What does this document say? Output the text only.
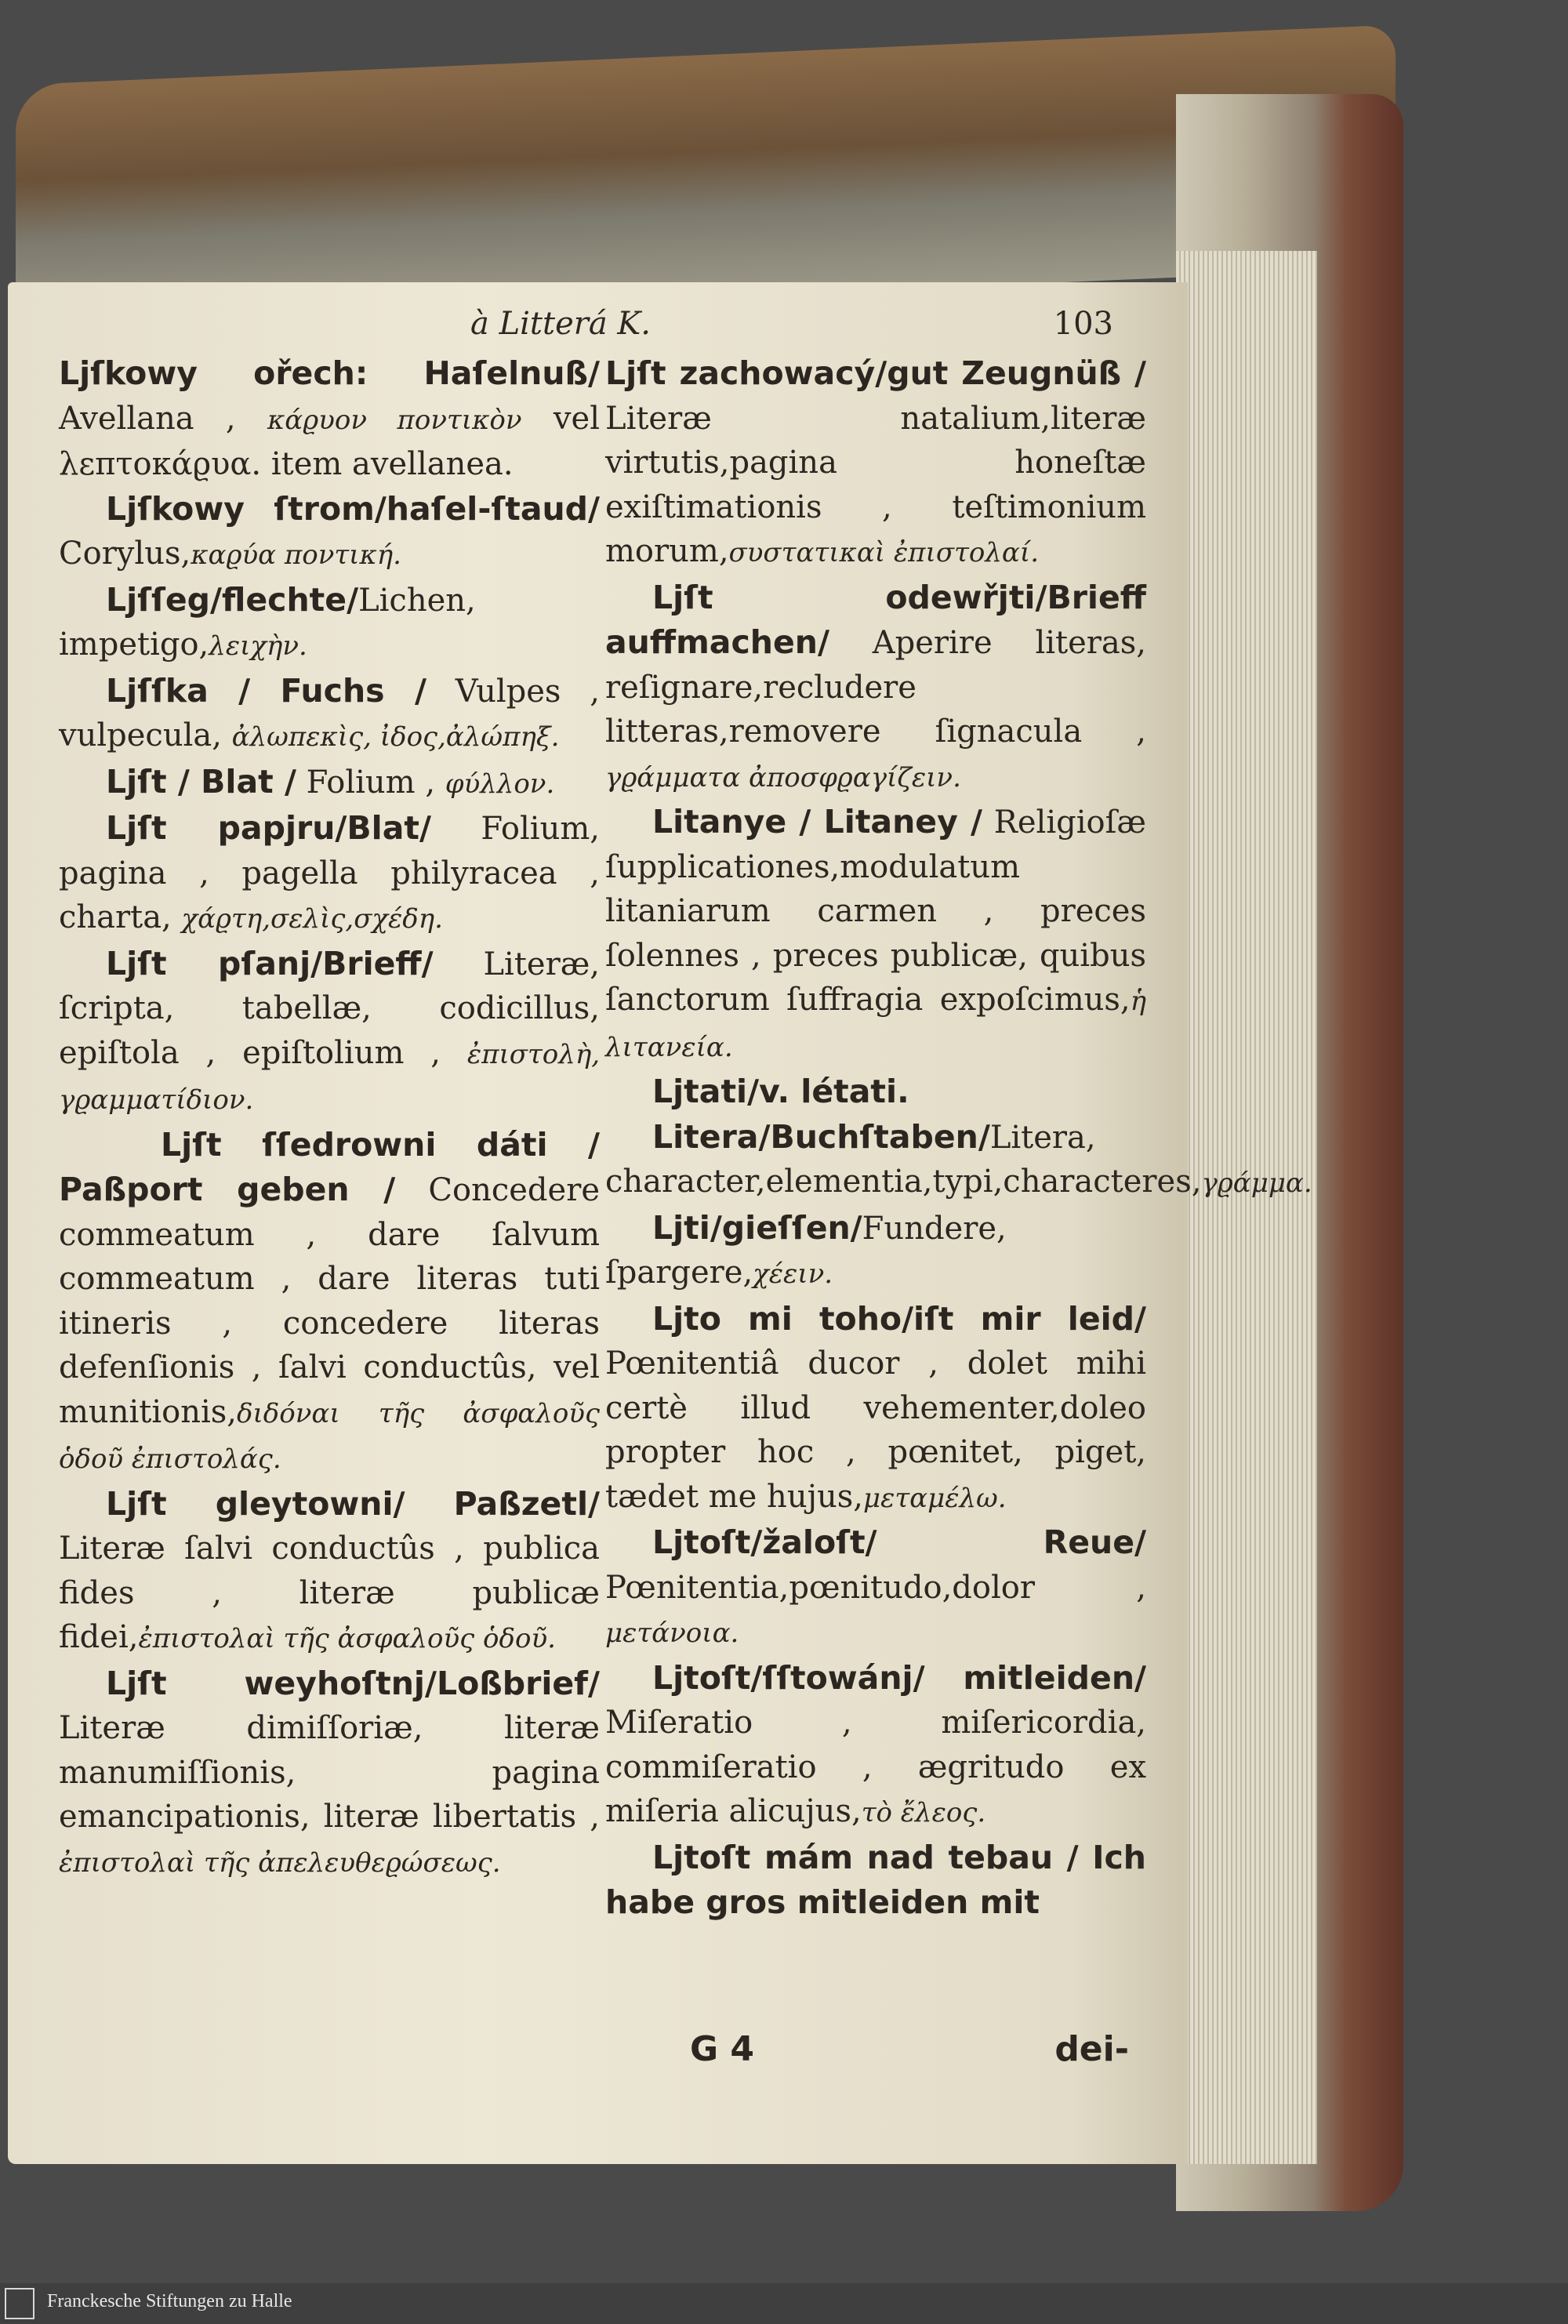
à Litterá K.	103

Ljſkowy ořech: Haſelnuß/ Avellana , κάϱυον ποντικὸν vel λεπτοκάϱυα. item avellanea.

Ljſkowy ſtrom/haſel-ſtaud/ Corylus,καϱύα ποντική.

Ljſſeg/flechte/Lichen, impetigo,λειχὴν.

Ljſſka / Fuchs / Vulpes , vulpecula, ἀλωπεκὶς, ἰδος,ἀλώπηξ.

Ljſt / Blat / Folium , φύλλον.

Ljſt papjru/Blat/ Folium, pagina , pagella philyracea , charta, χάϱτη,σελὶς,σχέδη.

Ljſt pſanj/Brieff/ Literæ, ſcripta, tabellæ, codicillus, epiſtola , epiſtolium , ἐπιστολὴ, γϱαμματίδιον.

Ljſt ſſedrowni dáti / Paßport geben / Concedere commeatum , dare ſalvum commeatum , dare literas tuti itineris , concedere literas defenſionis , ſalvi conductûs, vel munitionis,διδόναι τῆς ἀσφαλοῦς ὁδοῦ ἐπιστολάς.

Ljſt gleytowni/ Paßzetl/ Literæ ſalvi conductûs , publica fides , literæ publicæ fidei,ἐπιστολαὶ τῆς ἀσφαλοῦς ὁδοῦ.

Ljſt weyhoſtnj/Loßbrief/ Literæ dimiſſoriæ, literæ manumiſſionis, pagina emancipationis, literæ libertatis , ἐπιστολαὶ τῆς ἀπελευθεϱώσεως.

Ljſt zachowacý/gut Zeugnüß / Literæ natalium,literæ virtutis,pagina honeſtæ exiſtimationis , teſtimonium morum,συστατικαὶ ἐπιστολαί.

Ljſt odewřjti/Brieff auffmachen/ Aperire literas, reſignare,recludere litteras,removere ſignacula , γϱάμματα ἀποσφϱαγίζειν.

Litanye / Litaney / Religioſæ ſupplicationes,modulatum litaniarum carmen , preces ſolennes , preces publicæ, quibus ſanctorum ſuffragia expoſcimus,ἡ λιτανεία.

Ljtati/v. létati.

Litera/Buchſtaben/Litera, character,elementia,typi,characteres,γϱάμμα.

Ljti/gieſſen/Fundere, ſpargere,χέειν.

Ljto mi toho/iſt mir leid/ Pœnitentiâ ducor , dolet mihi certè illud vehementer,doleo propter hoc , pœnitet, piget, tædet me hujus,μεταμέλω.

Ljtoſt/žaloſt/ Reue/ Pœnitentia,pœnitudo,dolor , μετάνοια.

Ljtoſt/ſſtowánj/ mitleiden/ Miſeratio , miſericordia, commiſeratio , ægritudo ex miſeria alicujus,τὸ ἔλεος.

Ljtoſt mám nad tebau / Ich habe gros mitleiden mit

G 4	dei-
Franckesche Stiftungen zu Halle
